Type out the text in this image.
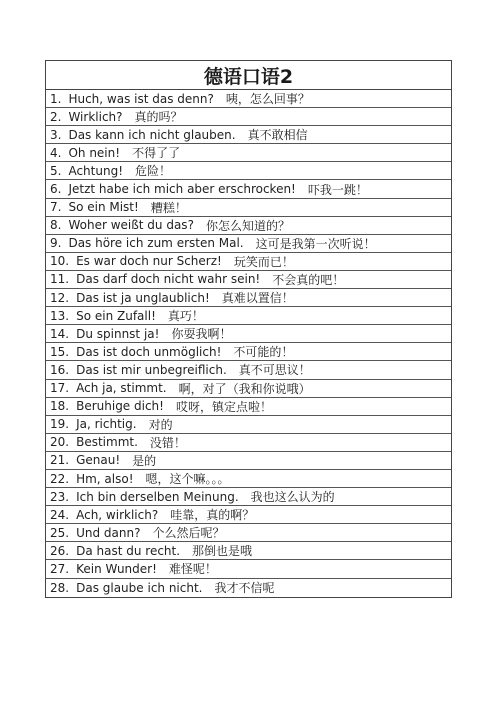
德语口语2
1. Huch, was ist das denn? 咦，怎么回事？
2. Wirklich? 真的吗？
3. Das kann ich nicht glauben. 真不敢相信
4. Oh nein! 不得了了
5. Achtung! 危险！
6. Jetzt habe ich mich aber erschrocken! 吓我一跳！
7. So ein Mist! 糟糕！
8. Woher weißt du das? 你怎么知道的？
9. Das höre ich zum ersten Mal. 这可是我第一次听说！
10. Es war doch nur Scherz! 玩笑而已！
11. Das darf doch nicht wahr sein! 不会真的吧！
12. Das ist ja unglaublich! 真难以置信！
13. So ein Zufall! 真巧！
14. Du spinnst ja! 你耍我啊！
15. Das ist doch unmöglich! 不可能的！
16. Das ist mir unbegreiflich. 真不可思议！
17. Ach ja, stimmt. 啊，对了（我和你说哦）
18. Beruhige dich! 哎呀，镇定点啦！
19. Ja, richtig. 对的
20. Bestimmt. 没错！
21. Genau! 是的
22. Hm, also! 嗯，这个嘛。。。
23. Ich bin derselben Meinung. 我也这么认为的
24. Ach, wirklich? 哇靠，真的啊？
25. Und dann? 个么然后呢？
26. Da hast du recht. 那倒也是哦
27. Kein Wunder! 难怪呢！
28. Das glaube ich nicht. 我才不信呢
